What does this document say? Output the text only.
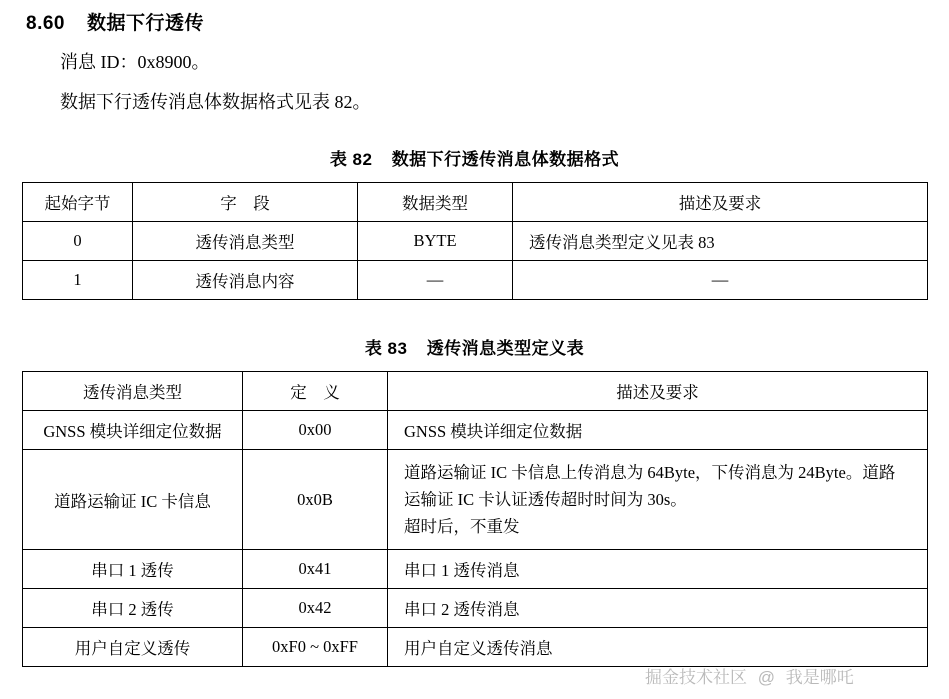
8.60 数据下行透传
消息 ID：0x8900。
数据下行透传消息体数据格式见表 82。
表 82 数据下行透传消息体数据格式
起始字节	字　段	数据类型	描述及要求
0	透传消息类型	BYTE	透传消息类型定义见表 83
1	透传消息内容	—	—
表 83 透传消息类型定义表
透传消息类型	定　义	描述及要求
GNSS 模块详细定位数据	0x00	GNSS 模块详细定位数据
道路运输证 IC 卡信息	0x0B	道路运输证 IC 卡信息上传消息为 64Byte，下传消息为 24Byte。道路
运输证 IC 卡认证透传超时时间为 30s。
超时后，不重发

串口 1 透传	0x41	串口 1 透传消息
串口 2 透传	0x42	串口 2 透传消息
用户自定义透传	0xF0 ~ 0xFF	用户自定义透传消息
掘金技术社区 @ 我是哪吒
